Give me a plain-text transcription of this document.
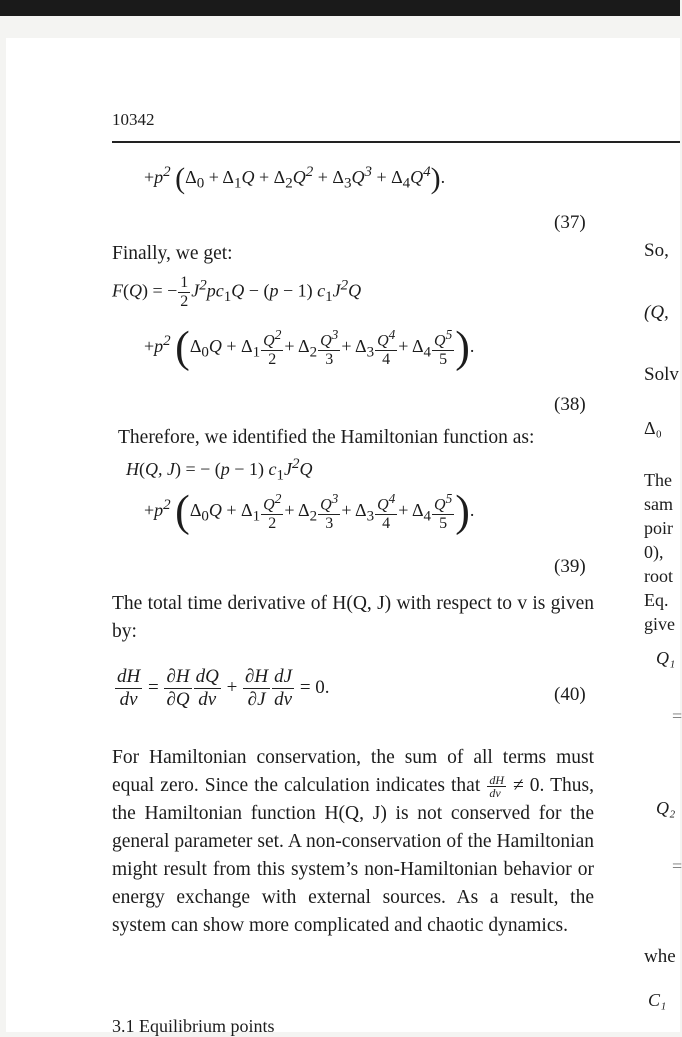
10342
$+p^2$ $(\Delta_0 + \Delta_1Q + \Delta_2Q^2 + \Delta_3Q^3 + \Delta_4Q^4)$.
(37)
Finally, we get:
F(Q) = − $\frac{1}{2} J^2pc_1Q - (p - 1)$ $c_1J^2Q$
$+p^2$ ($\Delta_0Q + \Delta_1 \frac{Q^2}{2} + \Delta_2 \frac{Q^3}{3} + \Delta_3 \frac{Q^4}{4} + \Delta_4 \frac{Q^5}{5}$ ).
(38)
Therefore, we identified the Hamiltonian function as:
H(Q, J) = − (p − 1) $c_1J^2Q$
$+p^2$ ($\Delta_0Q + \Delta_1 \frac{Q^2}{2} + \Delta_2 \frac{Q^3}{3} + \Delta_3 \frac{Q^4}{4} + \Delta_4 \frac{Q^5}{5}$ ).
(39)
The total time derivative of H(Q, J) with respect to v is given by:
$\frac{dH}{dv} = \frac{\partial H}{\partial Q} \frac{dQ}{dv} + \frac{\partial H}{\partial J} \frac{dJ}{dv} = 0$.	(40)
For Hamiltonian conservation, the sum of all terms must equal zero. Since the calculation indicates that $\frac{dH}{dv} \ne 0$. Thus, the Hamiltonian function H(Q, J) is not conserved for the general parameter set. A non-conservation of the Hamiltonian might result from this system’s non-Hamiltonian behavior or energy exchange with external sources. As a result, the system can show more complicated and chaotic dynamics.
3.1 Equilibrium points
So,
(Q,
Solv
Δ₀
The
sam
poir
0),
root
Eq.
give
Q₁
=
Q₂
=
whe
C₁
